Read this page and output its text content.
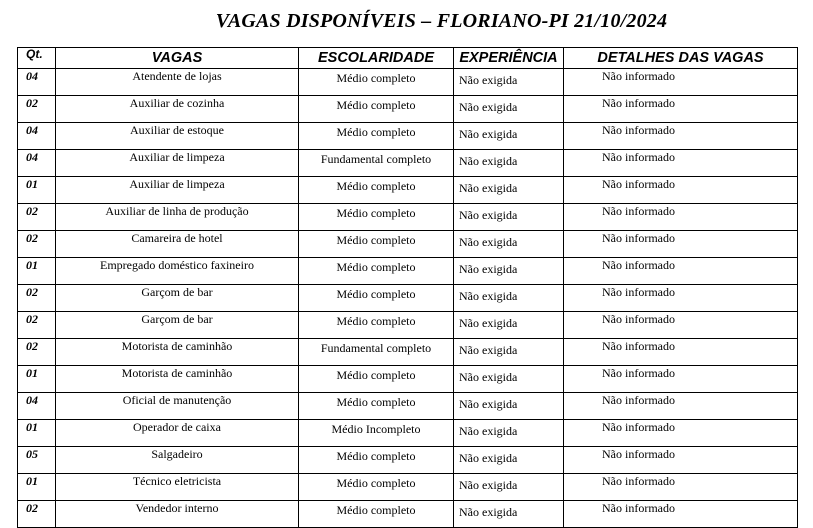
VAGAS DISPONÍVEIS – FLORIANO-PI 21/10/2024
Qt.	VAGAS	ESCOLARIDADE	EXPERIÊNCIA	DETALHES DAS VAGAS
04	Atendente de lojas	Médio completo	Não exigida	Não informado
02	Auxiliar de cozinha	Médio completo	Não exigida	Não informado
04	Auxiliar de estoque	Médio completo	Não exigida	Não informado
04	Auxiliar de limpeza	Fundamental completo	Não exigida	Não informado
01	Auxiliar de limpeza	Médio completo	Não exigida	Não informado
02	Auxiliar de linha de produção	Médio completo	Não exigida	Não informado
02	Camareira de hotel	Médio completo	Não exigida	Não informado
01	Empregado doméstico faxineiro	Médio completo	Não exigida	Não informado
02	Garçom de bar	Médio completo	Não exigida	Não informado
02	Garçom de bar	Médio completo	Não exigida	Não informado
02	Motorista de caminhão	Fundamental completo	Não exigida	Não informado
01	Motorista de caminhão	Médio completo	Não exigida	Não informado
04	Oficial de manutenção	Médio completo	Não exigida	Não informado
01	Operador de caixa	Médio Incompleto	Não exigida	Não informado
05	Salgadeiro	Médio completo	Não exigida	Não informado
01	Técnico eletricista	Médio completo	Não exigida	Não informado
02	Vendedor interno	Médio completo	Não exigida	Não informado
